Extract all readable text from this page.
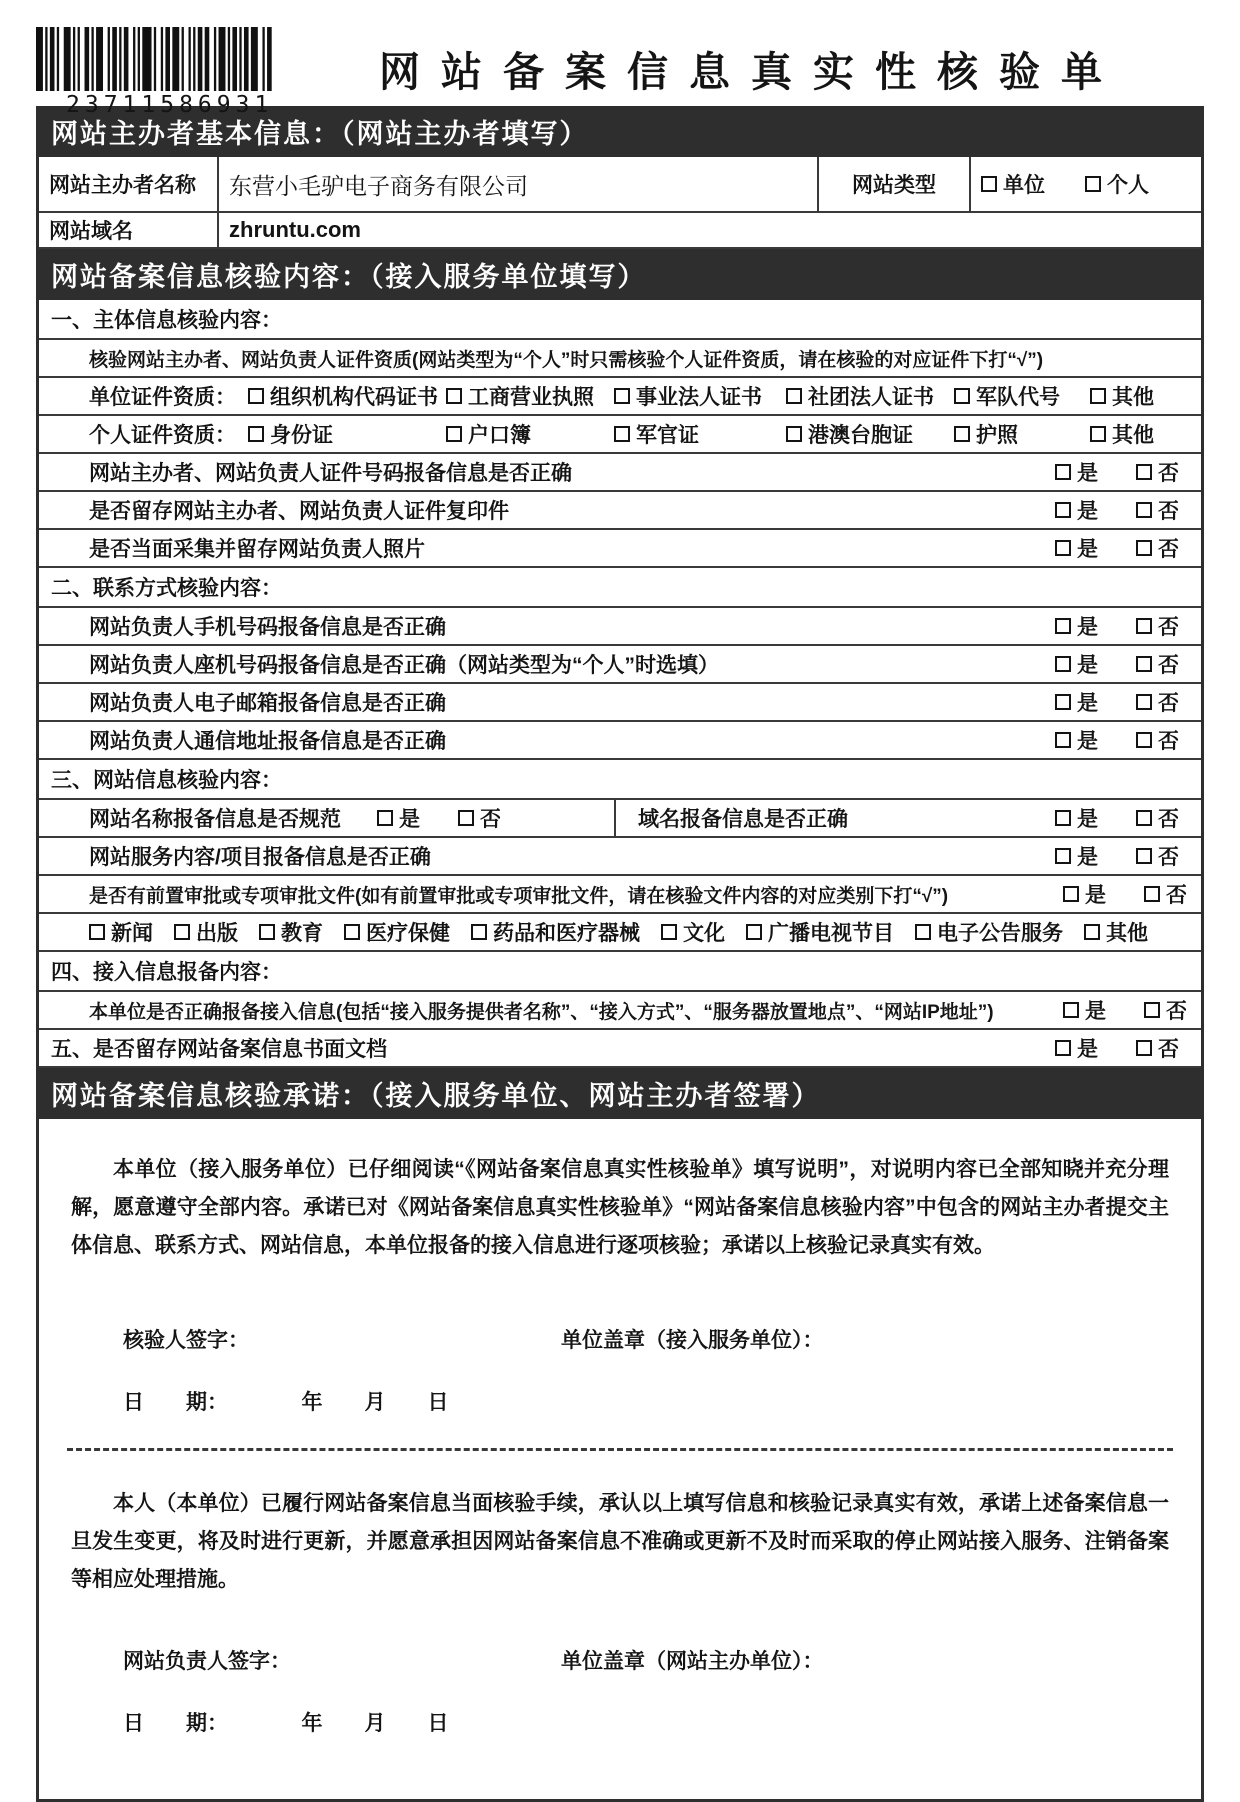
23711586931
网站备案信息真实性核验单
网站主办者基本信息：（网站主办者填写）
网站主办者名称	东营小毛驴电子商务有限公司	网站类型	单位	个人
网站域名	zhruntu.com
网站备案信息核验内容：（接入服务单位填写）
一、主体信息核验内容：
核验网站主办者、网站负责人证件资质(网站类型为“个人”时只需核验个人证件资质，请在核验的对应证件下打“√”)
单位证件资质：	组织机构代码证书 工商营业执照 事业法人证书 社团法人证书 军队代号 其他
个人证件资质：	身份证	户口簿	军官证	港澳台胞证	护照	其他
网站主办者、网站负责人证件号码报备信息是否正确	是	否
是否留存网站主办者、网站负责人证件复印件	是	否
是否当面采集并留存网站负责人照片	是	否
二、联系方式核验内容：
网站负责人手机号码报备信息是否正确	是	否
网站负责人座机号码报备信息是否正确（网站类型为“个人”时选填）	是	否
网站负责人电子邮箱报备信息是否正确	是	否
网站负责人通信地址报备信息是否正确	是	否
三、网站信息核验内容：
网站名称报备信息是否规范	是	否	域名报备信息是否正确	是	否
网站服务内容/项目报备信息是否正确	是	否
是否有前置审批或专项审批文件(如有前置审批或专项审批文件，请在核验文件内容的对应类别下打“√”)	是	否
新闻 出版 教育 医疗保健 药品和医疗器械 文化 广播电视节目 电子公告服务 其他
四、接入信息报备内容：
本单位是否正确报备接入信息(包括“接入服务提供者名称”、“接入方式”、“服务器放置地点”、“网站IP地址”)	是	否
五、是否留存网站备案信息书面文档	是	否
网站备案信息核验承诺：（接入服务单位、网站主办者签署）

本单位（接入服务单位）已仔细阅读“《网站备案信息真实性核验单》填写说明”，对说明内容已全部知晓并充分理解，愿意遵守全部内容。承诺已对《网站备案信息真实性核验单》“网站备案信息核验内容”中包含的网站主办者提交主体信息、联系方式、网站信息，本单位报备的接入信息进行逐项核验；承诺以上核验记录真实有效。

核验人签字：	单位盖章（接入服务单位）：
日　　期：　　　　年　　月　　日

本人（本单位）已履行网站备案信息当面核验手续，承认以上填写信息和核验记录真实有效，承诺上述备案信息一旦发生变更，将及时进行更新，并愿意承担因网站备案信息不准确或更新不及时而采取的停止网站接入服务、注销备案等相应处理措施。

网站负责人签字：	单位盖章（网站主办单位）：
日　　期：　　　　年　　月　　日
